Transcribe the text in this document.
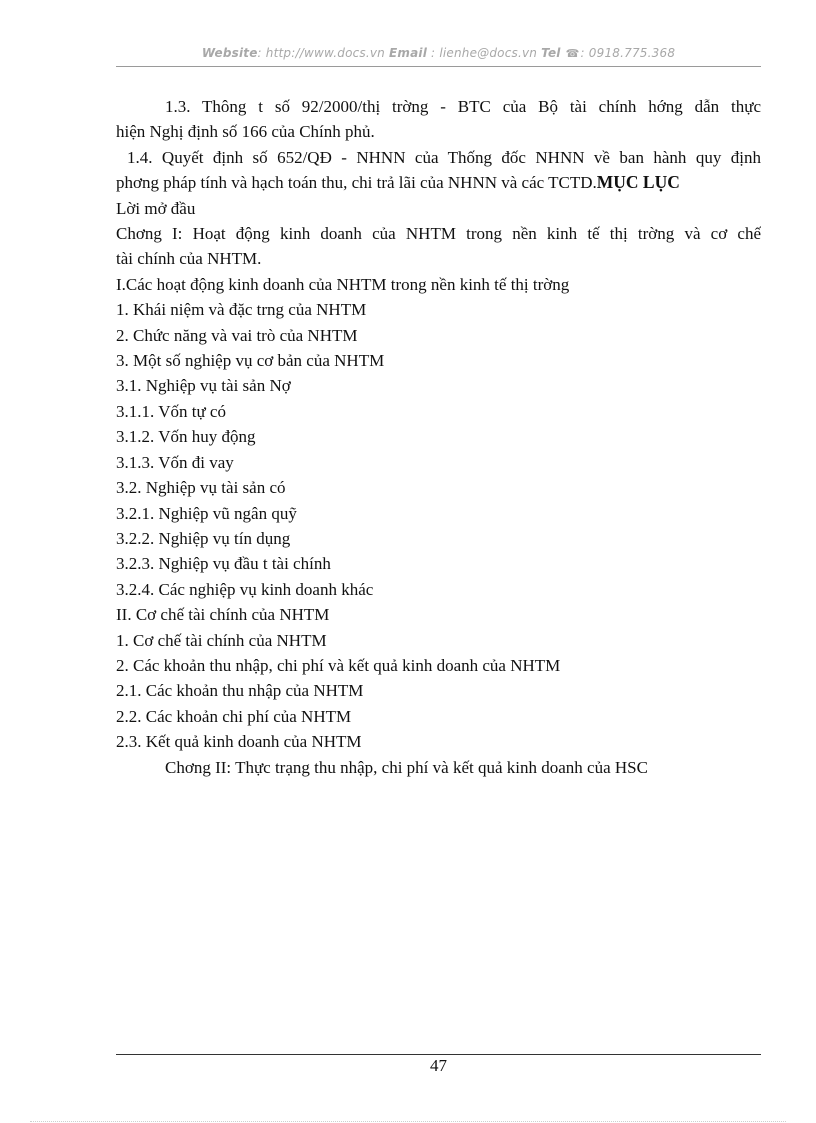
Website: http://www.docs.vn Email : lienhe@docs.vn Tel ☎: 0918.775.368
1.3. Thông t số 92/2000/thị trờng - BTC của Bộ tài chính hớng dẫn thực
hiện Nghị định số 166 của Chính phủ.
1.4. Quyết định số 652/QĐ - NHNN của Thống đốc NHNN về ban hành quy định
phơng pháp tính và hạch toán thu, chi trả lãi của NHNN và các TCTD.MỤC LỤC
Lời mở đầu
Chơng I: Hoạt động kinh doanh của NHTM trong nền kinh tế thị trờng và cơ chế
tài chính của NHTM.
I.Các hoạt động kinh doanh của NHTM trong nền kinh tế thị trờng
1. Khái niệm và đặc trng của NHTM
2. Chức năng và vai trò của NHTM
3. Một số nghiệp vụ cơ bản của NHTM
3.1. Nghiệp vụ tài sản Nợ
3.1.1. Vốn tự có
3.1.2. Vốn huy động
3.1.3. Vốn đi vay
3.2. Nghiệp vụ tài sản có
3.2.1. Nghiệp vũ ngân quỹ
3.2.2. Nghiệp vụ tín dụng
3.2.3. Nghiệp vụ đầu t tài chính
3.2.4. Các nghiệp vụ kinh doanh khác
II. Cơ chế tài chính của NHTM
1. Cơ chế tài chính của NHTM
2. Các khoản thu nhập, chi phí và kết quả kinh doanh của NHTM
2.1. Các khoản thu nhập của NHTM
2.2. Các khoản chi phí của NHTM
2.3. Kết quả kinh doanh của NHTM
Chơng II: Thực trạng thu nhập, chi phí và kết quả kinh doanh của HSC
47
